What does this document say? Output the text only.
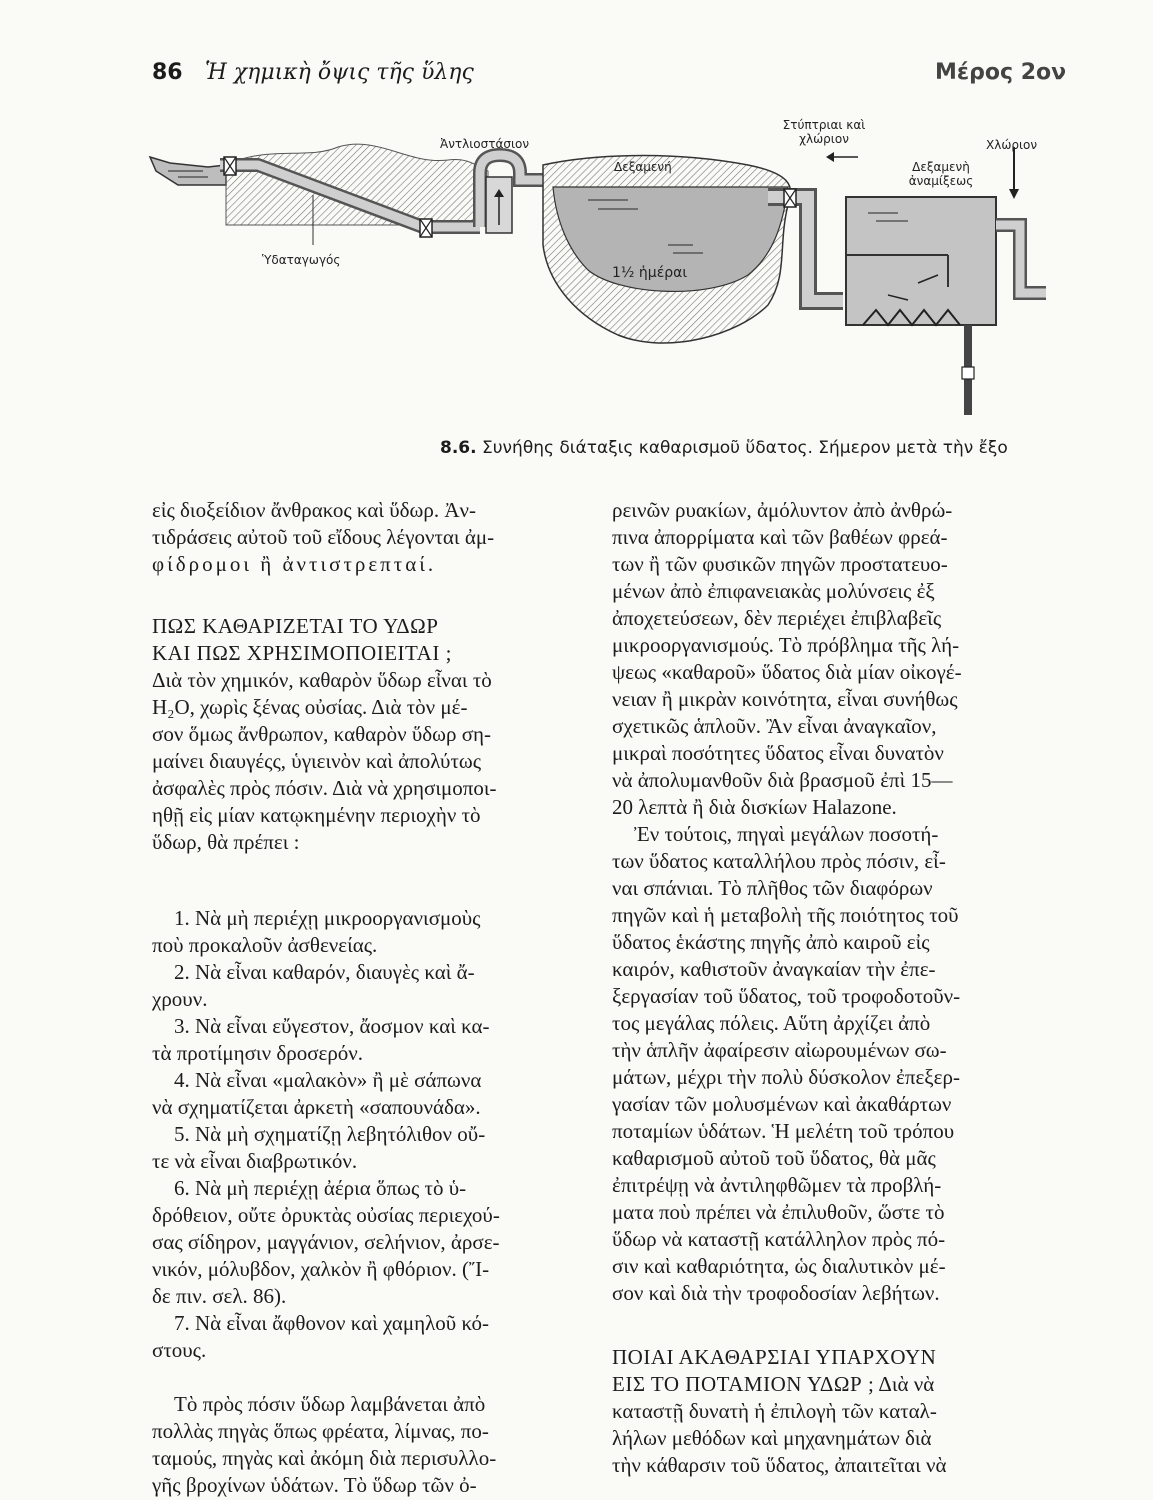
86 Ἡ χημικὴ ὄψις τῆς ὕλης	Μέρος 2ον
Ἀντλιοστάσιον
Ὑδαταγωγός
Δεξαμενή
1½ ἡμέραι
Στύπτριαι καὶ χλώριον	Χλώριον
Δεξαμενὴ ἀναμίξεως
8.6. Συνήθης διάταξις καθαρισμοῦ ὕδατος. Σήμερον μετὰ τὴν ἔξο
εἰς διοξείδιον ἄνθρακος καὶ ὕδωρ. Ἀν-
τιδράσεις αὐτοῦ τοῦ εἴδους λέγονται ἀμ-
φίδρομοι ἢ ἀντιστρεπταί.
ΠΩΣ ΚΑΘΑΡΙΖΕΤΑΙ ΤΟ ΥΔΩΡ
ΚΑΙ ΠΩΣ ΧΡΗΣΙΜΟΠΟΙΕΙΤΑΙ ;
Διὰ τὸν χημικόν, καθαρὸν ὕδωρ εἶναι τὸ
H₂O, χωρὶς ξένας οὐσίας. Διὰ τὸν μέ-
σον ὅμως ἄνθρωπον, καθαρὸν ὕδωρ ση-
μαίνει διαυγέςς, ὑγιεινὸν καὶ ἀπολύτως
ἀσφαλὲς πρὸς πόσιν. Διὰ νὰ χρησιμοποι-
ηθῇ εἰς μίαν κατῳκημένην περιοχὴν τὸ
ὕδωρ, θὰ πρέπει :
1. Νὰ μὴ περιέχῃ μικροοργανισμοὺς
ποὺ προκαλοῦν ἀσθενείας.
2. Νὰ εἶναι καθαρόν, διαυγὲς καὶ ἄ-
χρουν.
3. Νὰ εἶναι εὔγεστον, ἄοσμον καὶ κα-
τὰ προτίμησιν δροσερόν.
4. Νὰ εἶναι «μαλακὸν» ἢ μὲ σάπωνα
νὰ σχηματίζεται ἀρκετὴ «σαπουνάδα».
5. Νὰ μὴ σχηματίζῃ λεβητόλιθον οὔ-
τε νὰ εἶναι διαβρωτικόν.
6. Νὰ μὴ περιέχῃ ἀέρια ὅπως τὸ ὑ-
δρόθειον, οὔτε ὀρυκτὰς οὐσίας περιεχού-
σας σίδηρον, μαγγάνιον, σελήνιον, ἀρσε-
νικόν, μόλυβδον, χαλκὸν ἢ φθόριον. (Ἴ-
δε πιν. σελ. 86).
7. Νὰ εἶναι ἄφθονον καὶ χαμηλοῦ κό-
στους.
Τὸ πρὸς πόσιν ὕδωρ λαμβάνεται ἀπὸ
πολλὰς πηγὰς ὅπως φρέατα, λίμνας, πο-
ταμούς, πηγὰς καὶ ἀκόμη διὰ περισυλλο-
γῆς βροχίνων ὑδάτων. Τὸ ὕδωρ τῶν ὀ-
ρεινῶν ρυακίων, ἀμόλυντον ἀπὸ ἀνθρώ-
πινα ἀπορρίματα καὶ τῶν βαθέων φρεά-
των ἢ τῶν φυσικῶν πηγῶν προστατευο-
μένων ἀπὸ ἐπιφανειακὰς μολύνσεις ἐξ
ἀποχετεύσεων, δὲν περιέχει ἐπιβλαβεῖς
μικροοργανισμούς. Τὸ πρόβλημα τῆς λή-
ψεως «καθαροῦ» ὕδατος διὰ μίαν οἰκογέ-
νειαν ἢ μικρὰν κοινότητα, εἶναι συνήθως
σχετικῶς ἁπλοῦν. Ἂν εἶναι ἀναγκαῖον,
μικραὶ ποσότητες ὕδατος εἶναι δυνατὸν
νὰ ἀπολυμανθοῦν διὰ βρασμοῦ ἐπὶ 15—
20 λεπτὰ ἢ διὰ δισκίων Halazone.
Ἐν τούτοις, πηγαὶ μεγάλων ποσοτή-
των ὕδατος καταλλήλου πρὸς πόσιν, εἶ-
ναι σπάνιαι. Τὸ πλῆθος τῶν διαφόρων
πηγῶν καὶ ἡ μεταβολὴ τῆς ποιότητος τοῦ
ὕδατος ἑκάστης πηγῆς ἀπὸ καιροῦ εἰς
καιρόν, καθιστοῦν ἀναγκαίαν τὴν ἐπε-
ξεργασίαν τοῦ ὕδατος, τοῦ τροφοδοτοῦν-
τος μεγάλας πόλεις. Αὕτη ἀρχίζει ἀπὸ
τὴν ἁπλῆν ἀφαίρεσιν αἰωρουμένων σω-
μάτων, μέχρι τὴν πολὺ δύσκολον ἐπεξερ-
γασίαν τῶν μολυσμένων καὶ ἀκαθάρτων
ποταμίων ὑδάτων. Ἡ μελέτη τοῦ τρόπου
καθαρισμοῦ αὐτοῦ τοῦ ὕδατος, θὰ μᾶς
ἐπιτρέψῃ νὰ ἀντιληφθῶμεν τὰ προβλή-
ματα ποὺ πρέπει νὰ ἐπιλυθοῦν, ὥστε τὸ
ὕδωρ νὰ καταστῇ κατάλληλον πρὸς πό-
σιν καὶ καθαριότητα, ὡς διαλυτικὸν μέ-
σον καὶ διὰ τὴν τροφοδοσίαν λεβήτων.
ΠΟΙΑΙ ΑΚΑΘΑΡΣΙΑΙ ΥΠΑΡΧΟΥΝ
ΕΙΣ ΤΟ ΠΟΤΑΜΙΟΝ ΥΔΩΡ ; Διὰ νὰ
καταστῇ δυνατὴ ἡ ἐπιλογὴ τῶν καταλ-
λήλων μεθόδων καὶ μηχανημάτων διὰ
τὴν κάθαρσιν τοῦ ὕδατος, ἀπαιτεῖται νὰ
